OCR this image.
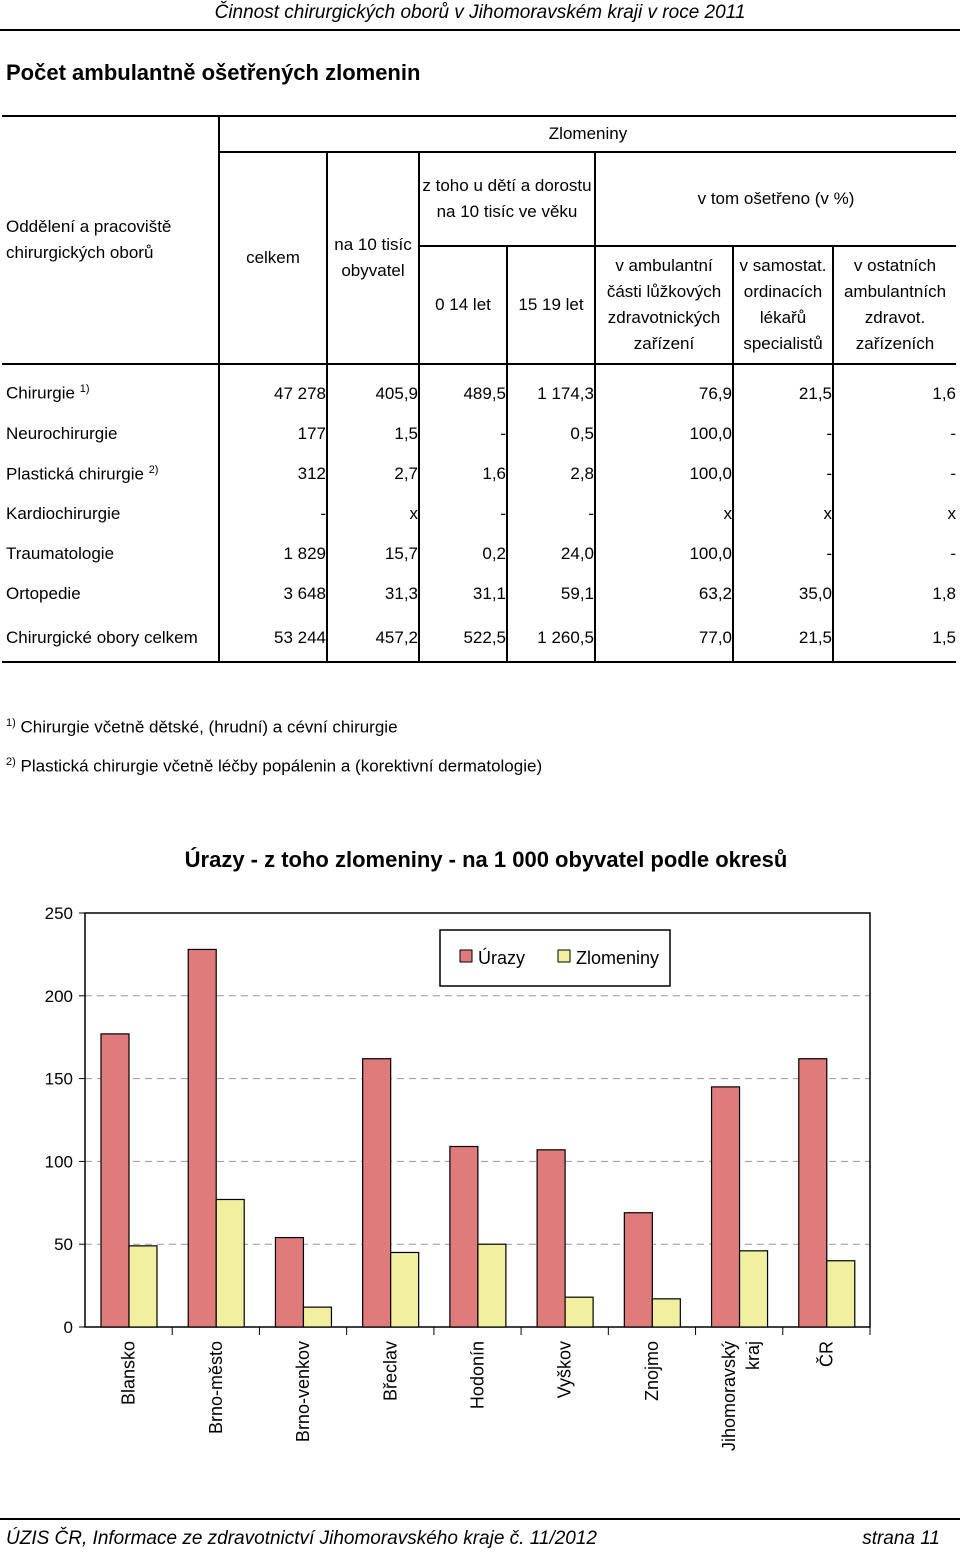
Činnost chirurgických oborů v Jihomoravském kraji v roce 2011
Počet ambulantně ošetřených zlomenin
Oddělení a pracoviště chirurgických oborů	Zlomeniny						
	celkem	na 10 tisíc obyvatel	z toho u dětí a dorostu na 10 tisíc ve věku		v tom ošetřeno (v %)		
			0 14 let	15 19 let	v ambulantní části lůžkových zdravotnických zařízení	v samostat. ordinacích lékařů specialistů	v ostatních ambulantních zdravot. zařízeních

Chirurgie $^{1)}$	47 278	405,9	489,5	1 174,3	76,9	21,5	1,6
Neurochirurgie	177	1,5	-	0,5	100,0	-	-
Plastická chirurgie $^{2)}$	312	2,7	1,6	2,8	100,0	-	-
Kardiochirurgie	-	x	-	-	x	x	x
Traumatologie	1 829	15,7	0,2	24,0	100,0	-	-
Ortopedie	3 648	31,3	31,1	59,1	63,2	35,0	1,8
Chirurgické obory celkem	53 244	457,2	522,5	1 260,5	77,0	21,5	1,5
$^{1)}$ Chirurgie včetně dětské, (hrudní) a cévní chirurgie
$^{2)}$ Plastická chirurgie včetně léčby popálenin a (korektivní dermatologie)
Úrazy - z toho zlomeniny - na 1 000 obyvatel podle okresů
0
50
100
150
200
250
Blansko	Brno-město	Brno-venkov	Břeclav	Hodonín	Vyškov	Znojmo	Jihomoravský kraj	ČR
Úrazy	Zlomeniny
ÚZIS ČR, Informace ze zdravotnictví Jihomoravského kraje č. 11/2012	strana 11
